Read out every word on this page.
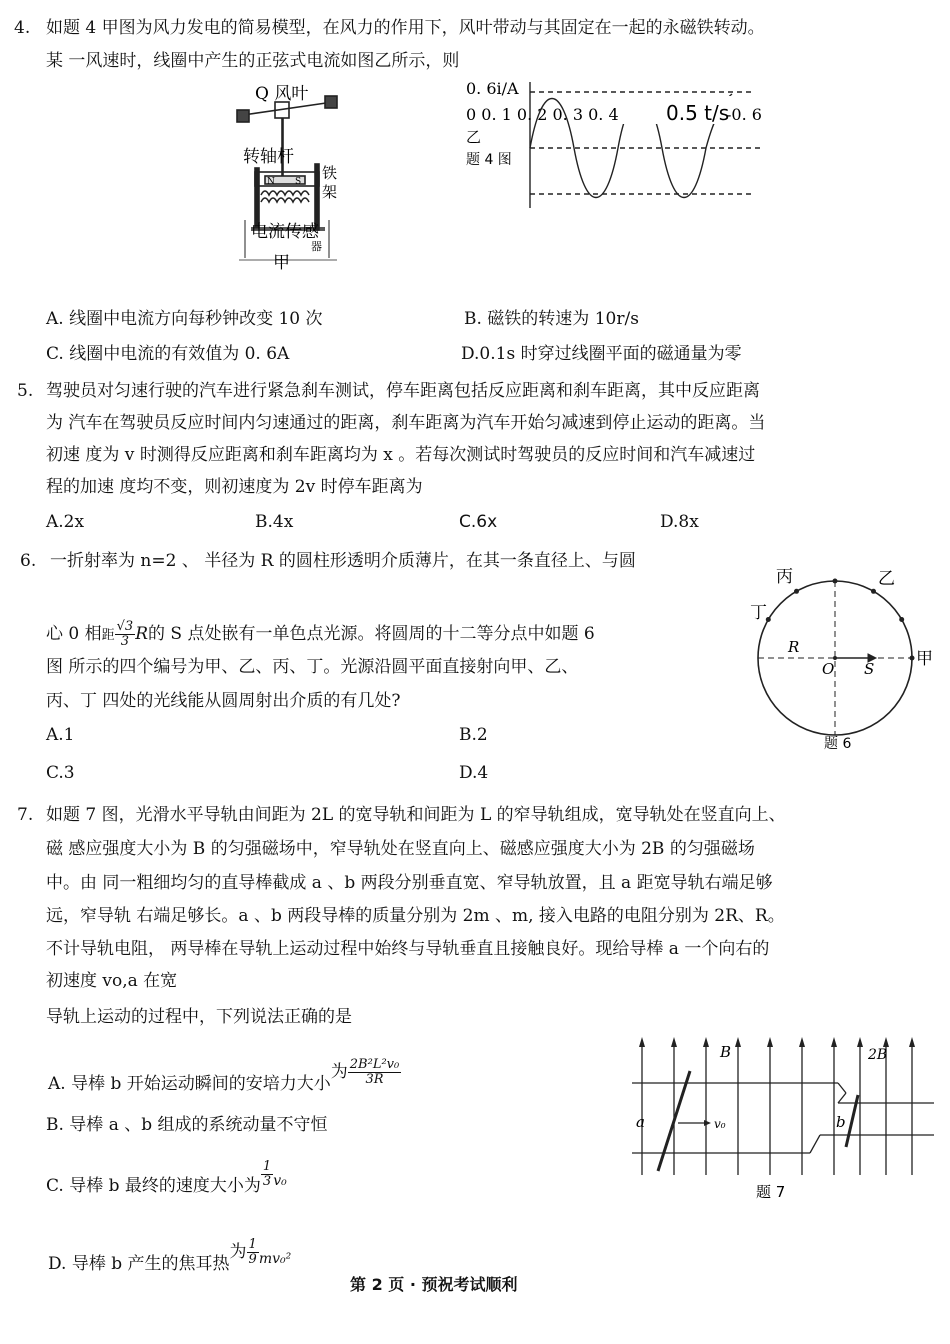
4. 如题 4 甲图为风力发电的简易模型，在风力的作用下，风叶带动与其固定在一起的永磁铁转动。
某 一风速时，线圈中产生的正弦式电流如图乙所示，则
Q 风叶
转轴杆
铁
架
N S
电流传感
器
甲
0. 6i/A
0 0. 1 0. 2 0. 3 0. 4 0.5 t/s
-0. 6
乙
题 4 图
A. 线圈中电流方向每秒钟改变 10 次	B. 磁铁的转速为 10r/s
C. 线圈中电流的有效值为 0. 6A	D.0.1s 时穿过线圈平面的磁通量为零
5. 驾驶员对匀速行驶的汽车进行紧急刹车测试，停车距离包括反应距离和刹车距离，其中反应距离
为 汽车在驾驶员反应时间内匀速通过的距离，刹车距离为汽车开始匀减速到停止运动的距离。当
初速 度为 v 时测得反应距离和刹车距离均为 x 。若每次测试时驾驶员的反应时间和汽车减速过
程的加速 度均不变，则初速度为 2v 时停车距离为
A.2x	B.4x	C.6x	D.8x
6. 一折射率为 n=2 、 半径为 R 的圆柱形透明介质薄片，在其一条直径上、与圆
心 0 相距 $\frac{√3}{3}$ R的 S 点处嵌有一单色点光源。将圆周的十二等分点中如题 6
图 所示的四个编号为甲、乙、丙、丁。光源沿圆平面直接射向甲、乙、
丙、丁 四处的光线能从圆周射出介质的有几处?
A.1	B.2
C.3	D.4
丙	乙
丁
甲
R
O S
题 6
7. 如题 7 图，光滑水平导轨由间距为 2L 的宽导轨和间距为 L 的窄导轨组成，宽导轨处在竖直向上、
磁 感应强度大小为 B 的匀强磁场中，窄导轨处在竖直向上、磁感应强度大小为 2B 的匀强磁场
中。由 同一粗细均匀的直导棒截成 a 、b 两段分别垂直宽、窄导轨放置，且 a 距宽导轨右端足够
远，窄导轨 右端足够长。a 、b 两段导棒的质量分别为 2m 、m, 接入电路的电阻分别为 2R、R。
不计导轨电阻， 两导棒在导轨上运动过程中始终与导轨垂直且接触良好。现给导棒 a 一个向右的
初速度 vo,a 在宽
导轨上运动的过程中，下列说法正确的是
A. 导棒 b 开始运动瞬间的安培力大小为 $\frac{\text{2B²L²v₀}}{3R}$
B. 导棒 a 、b 组成的系统动量不守恒
C. 导棒 b 最终的速度大小为 $\frac{1}{3} ^{v_0}$
D. 导棒 b 产生的焦耳热为 $\frac{1}{9} ^{mv_0^2}$
B	2B
a	b
v₀
题 7
第 2 页 · 预祝考试顺利
